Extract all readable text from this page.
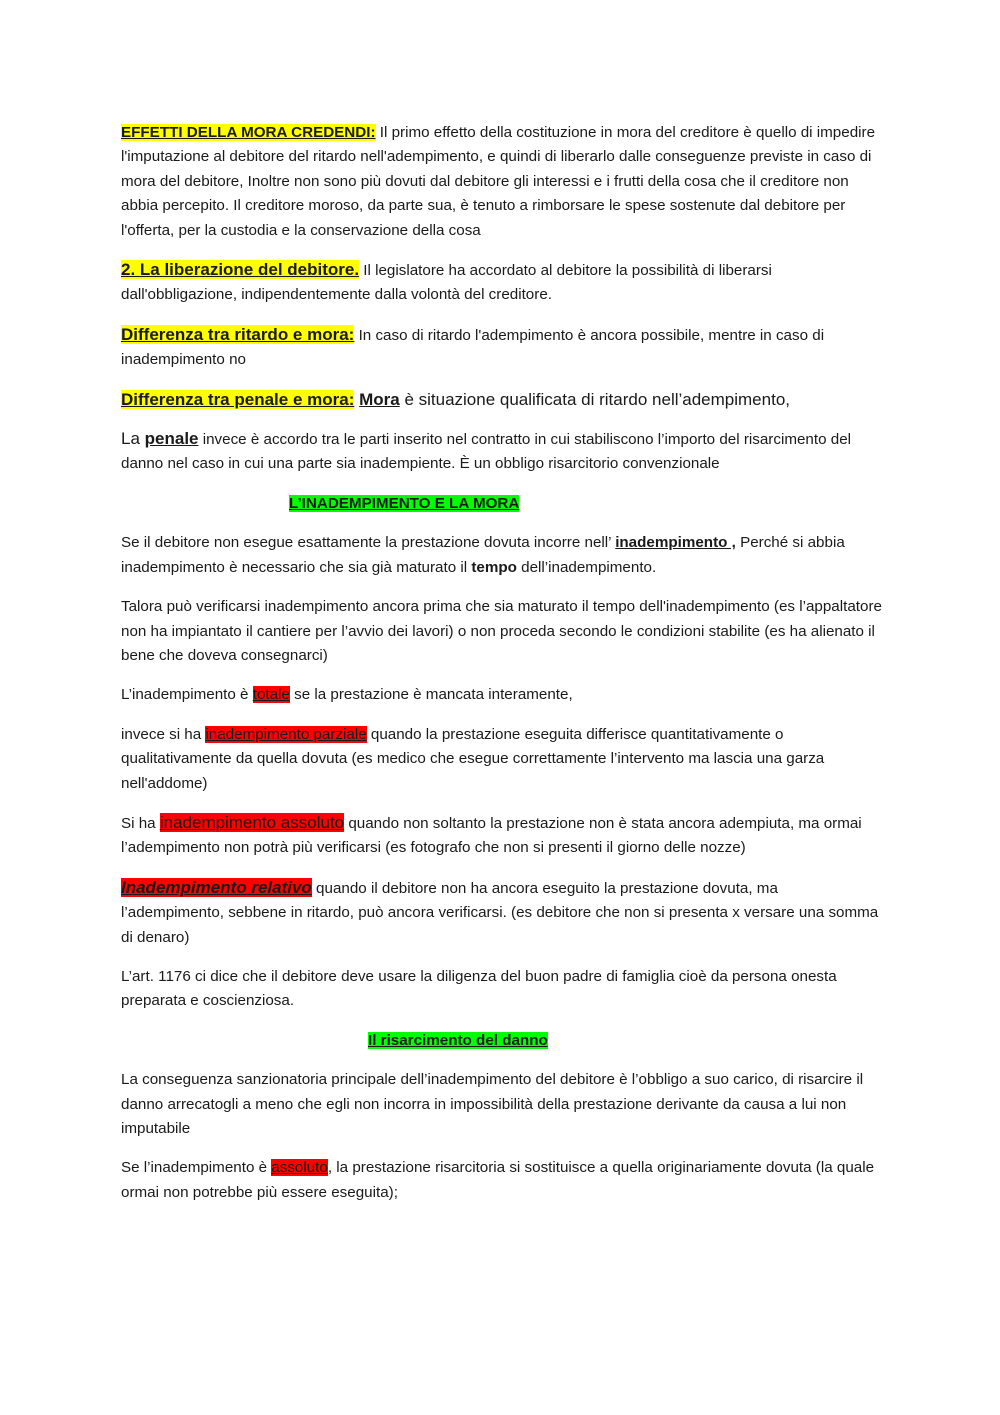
EFFETTI DELLA MORA CREDENDI: Il primo effetto della costituzione in mora del creditore è quello di impedire l'imputazione al debitore del ritardo nell'adempimento, e quindi di liberarlo dalle conseguenze previste in caso di mora del debitore, Inoltre non sono più dovuti dal debitore gli interessi e i frutti della cosa che il creditore non abbia percepito. Il creditore moroso, da parte sua, è tenuto a rimborsare le spese sostenute dal debitore per l'offerta, per la custodia e la conservazione della cosa

2. La liberazione del debitore. Il legislatore ha accordato al debitore la possibilità di liberarsi dall'obbligazione, indipendentemente dalla volontà del creditore.

Differenza tra ritardo e mora: In caso di ritardo l'adempimento è ancora possibile, mentre in caso di inadempimento no

Differenza tra penale e mora: Mora è situazione qualificata di ritardo nell’adempimento,

La penale invece è accordo tra le parti inserito nel contratto in cui stabiliscono l’importo del risarcimento del danno nel caso in cui una parte sia inadempiente. È un obbligo risarcitorio convenzionale

L’INADEMPIMENTO E LA MORA

Se il debitore non esegue esattamente la prestazione dovuta incorre nell’ inadempimento , Perché si abbia inadempimento è necessario che sia già maturato il tempo dell’inadempimento.

Talora può verificarsi inadempimento ancora prima che sia maturato il tempo dell'inadempimento (es l’appaltatore non ha impiantato il cantiere per l’avvio dei lavori) o non proceda secondo le condizioni stabilite (es ha alienato il bene che doveva consegnarci)

L’inadempimento è totale se la prestazione è mancata interamente,

invece si ha inadempimento parziale quando la prestazione eseguita differisce quantitativamente o qualitativamente da quella dovuta (es medico che esegue correttamente l’intervento ma lascia una garza nell'addome)

Si ha inadempimento assoluto quando non soltanto la prestazione non è stata ancora adempiuta, ma ormai l’adempimento non potrà più verificarsi (es fotografo che non si presenti il giorno delle nozze)

Inadempimento relativo quando il debitore non ha ancora eseguito la prestazione dovuta, ma l’adempimento, sebbene in ritardo, può ancora verificarsi. (es debitore che non si presenta x versare una somma di denaro)

L’art. 1176 ci dice che il debitore deve usare la diligenza del buon padre di famiglia cioè da persona onesta preparata e coscienziosa.

Il risarcimento del danno

La conseguenza sanzionatoria principale dell’inadempimento del debitore è l’obbligo a suo carico, di risarcire il danno arrecatogli a meno che egli non incorra in impossibilità della prestazione derivante da causa a lui non imputabile

Se l’inadempimento è assoluto, la prestazione risarcitoria si sostituisce a quella originariamente dovuta (la quale ormai non potrebbe più essere eseguita);
